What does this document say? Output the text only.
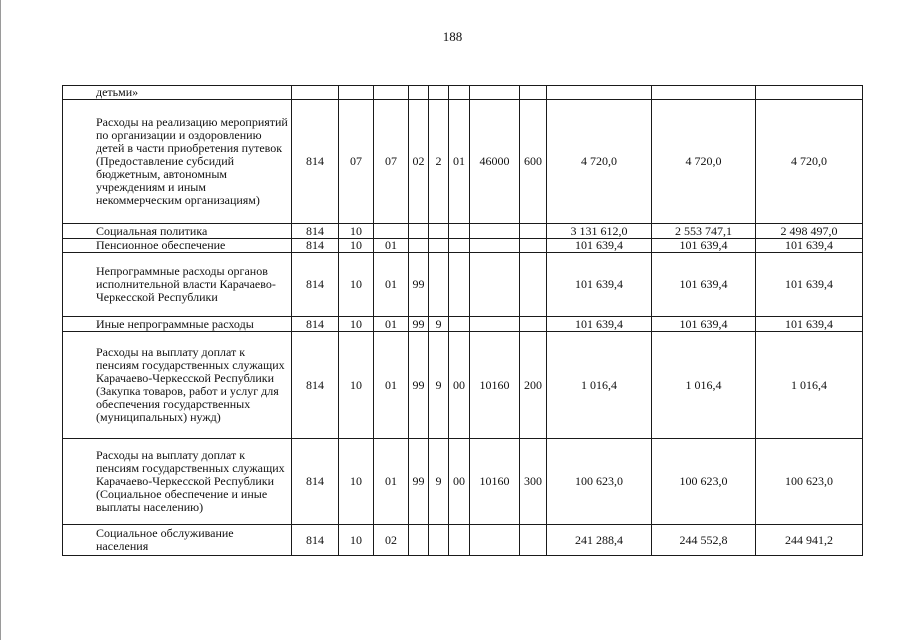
188
детьми»											
Расходы на реализацию мероприятий по организации и оздоровлению детей в части приобретения путевок (Предоставление субсидий бюджетным, автономным учреждениям и иным некоммерческим организациям)	814	07	07	02	2	01	46000	600	4 720,0	4 720,0	4 720,0
Социальная политика	814	10							3 131 612,0	2 553 747,1	2 498 497,0
Пенсионное обеспечение	814	10	01						101 639,4	101 639,4	101 639,4
Непрограммные расходы органов исполнительной власти Карачаево-Черкесской Республики	814	10	01	99					101 639,4	101 639,4	101 639,4
Иные непрограммные расходы	814	10	01	99	9				101 639,4	101 639,4	101 639,4
Расходы на выплату доплат к пенсиям государственных служащих Карачаево-Черкесской Республики (Закупка товаров, работ и услуг для обеспечения государственных (муниципальных) нужд)	814	10	01	99	9	00	10160	200	1 016,4	1 016,4	1 016,4
Расходы на выплату доплат к пенсиям государственных служащих Карачаево-Черкесской Республики (Социальное обеспечение и иные выплаты населению)	814	10	01	99	9	00	10160	300	100 623,0	100 623,0	100 623,0
Социальное обслуживание населения	814	10	02						241 288,4	244 552,8	244 941,2
